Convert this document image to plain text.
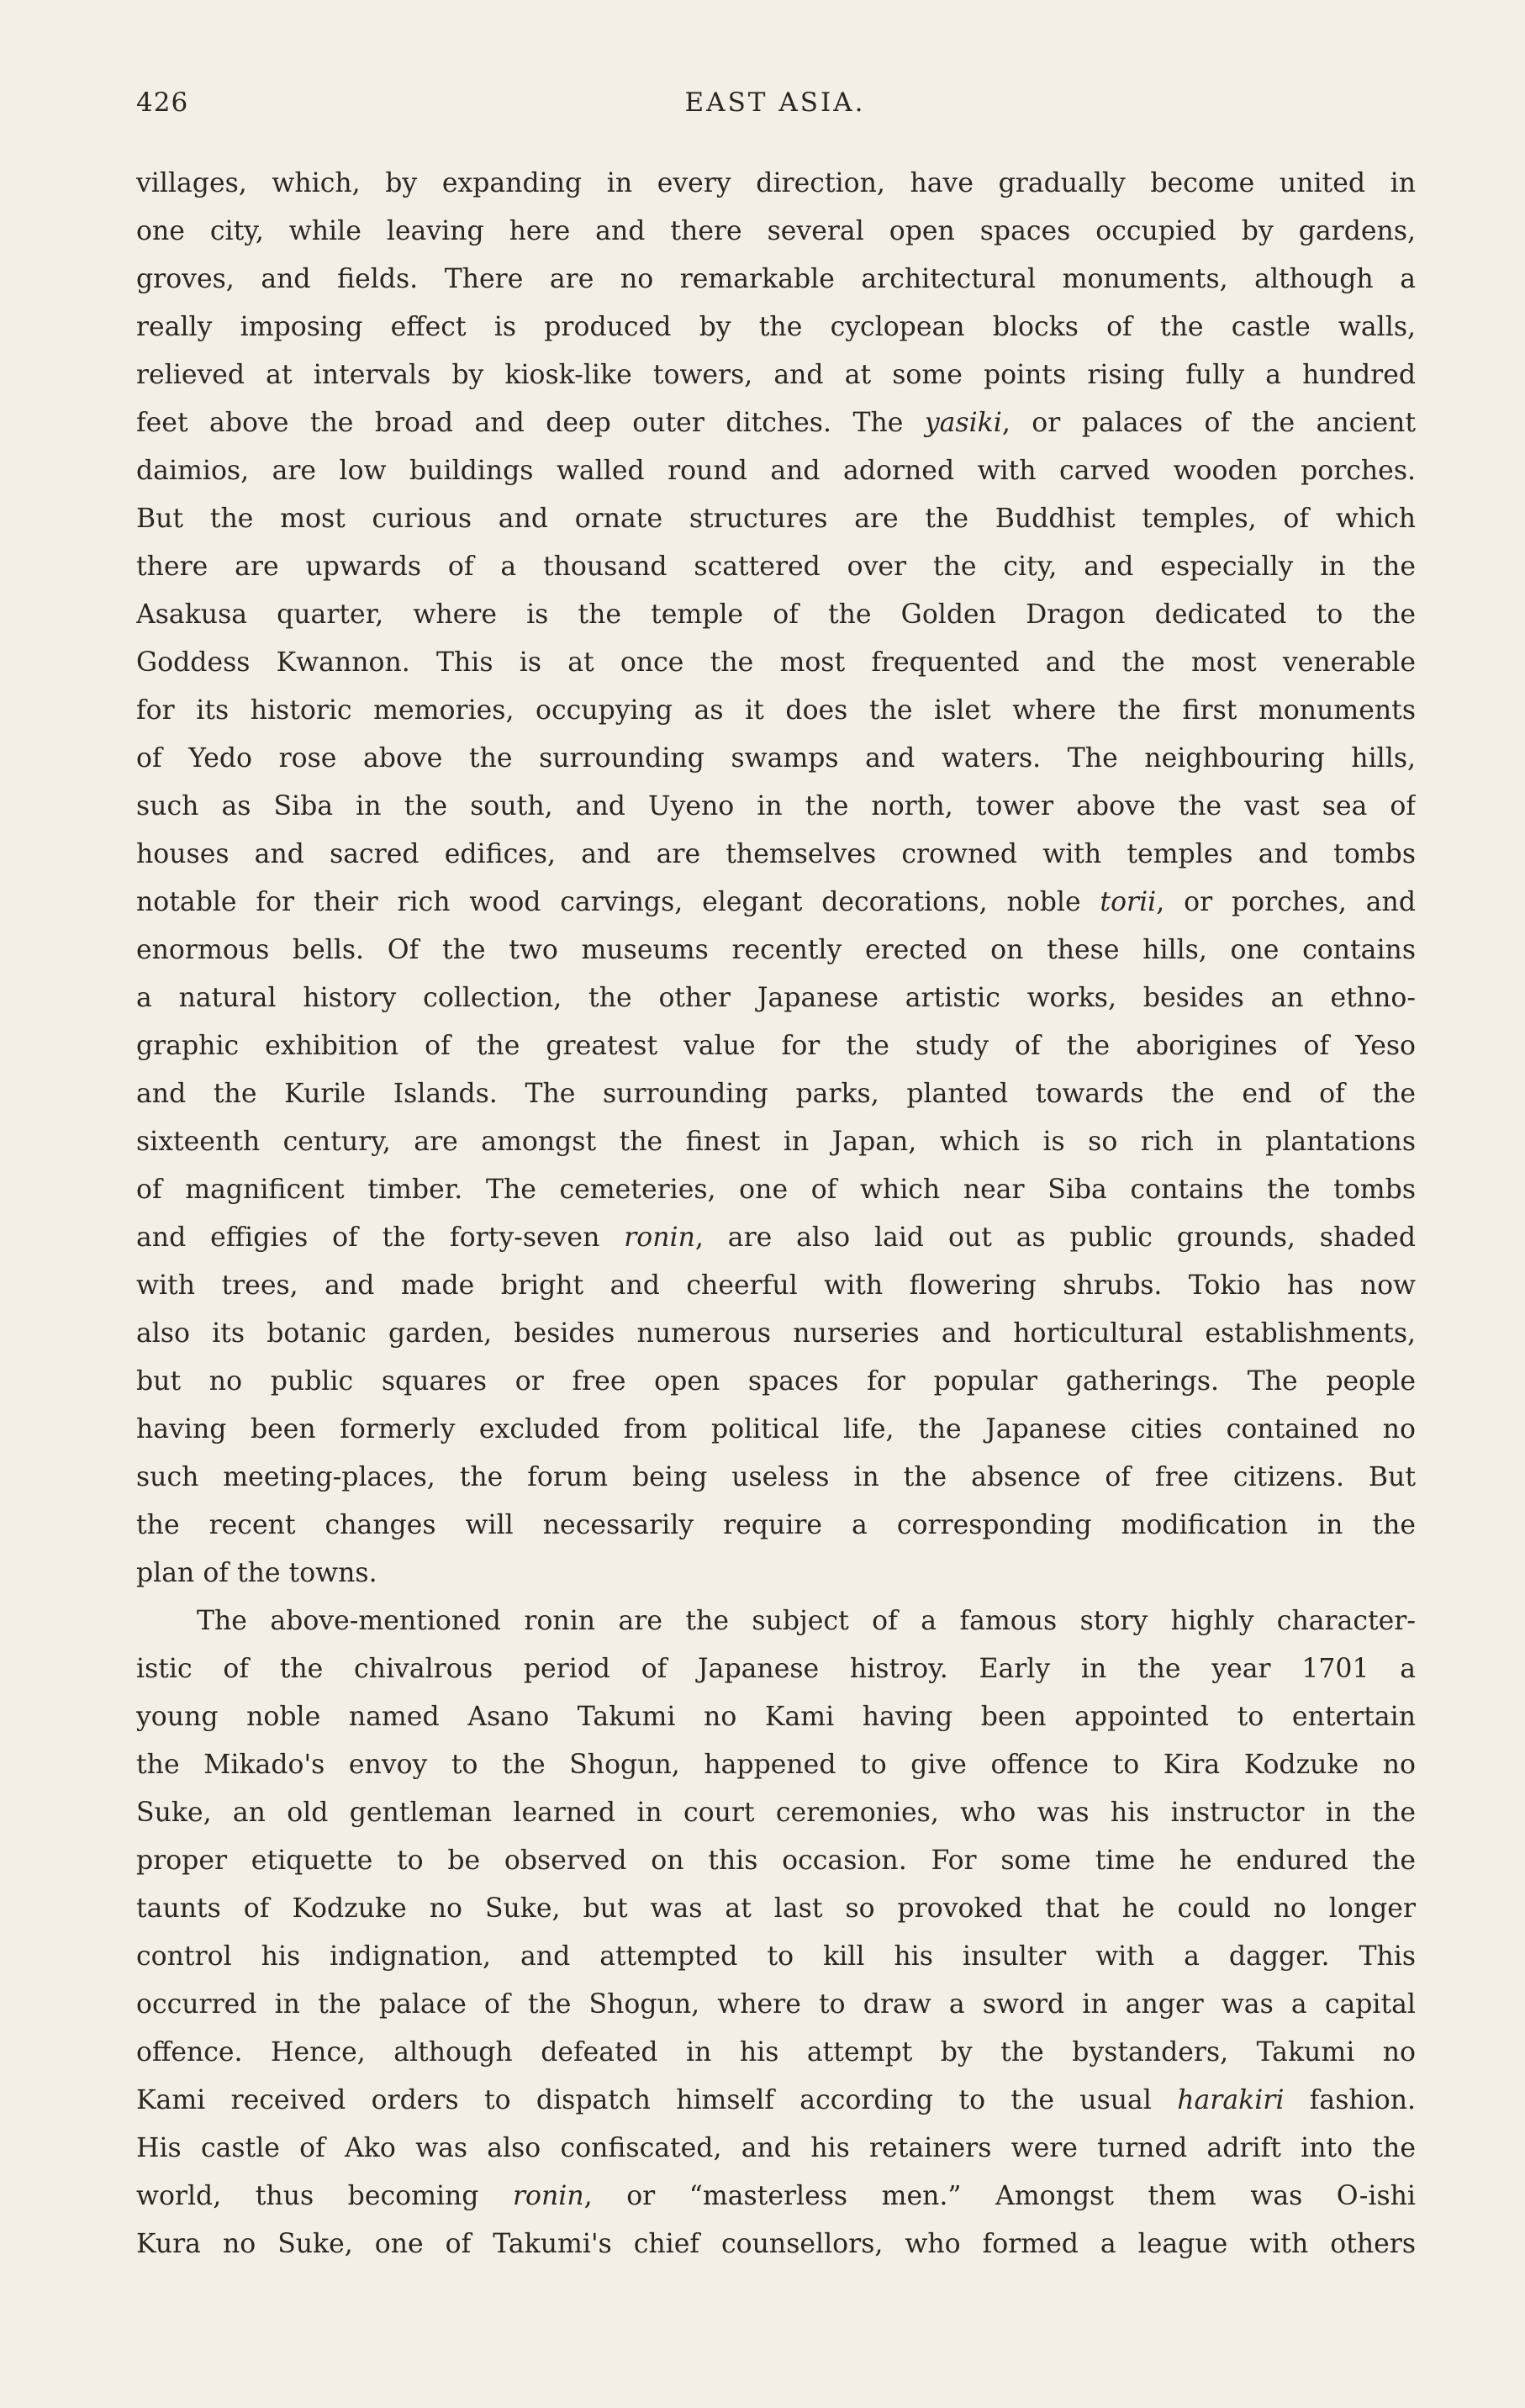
426	EAST ASIA.
villages, which, by expanding in every direction, have gradually become united in
one city, while leaving here and there several open spaces occupied by gardens,
groves, and fields. There are no remarkable architectural monuments, although a
really imposing effect is produced by the cyclopean blocks of the castle walls,
relieved at intervals by kiosk-like towers, and at some points rising fully a hundred
feet above the broad and deep outer ditches. The yasiki, or palaces of the ancient
daimios, are low buildings walled round and adorned with carved wooden porches.
But the most curious and ornate structures are the Buddhist temples, of which
there are upwards of a thousand scattered over the city, and especially in the
Asakusa quarter, where is the temple of the Golden Dragon dedicated to the
Goddess Kwannon. This is at once the most frequented and the most venerable
for its historic memories, occupying as it does the islet where the first monuments
of Yedo rose above the surrounding swamps and waters. The neighbouring hills,
such as Siba in the south, and Uyeno in the north, tower above the vast sea of
houses and sacred edifices, and are themselves crowned with temples and tombs
notable for their rich wood carvings, elegant decorations, noble torii, or porches, and
enormous bells. Of the two museums recently erected on these hills, one contains
a natural history collection, the other Japanese artistic works, besides an ethno-
graphic exhibition of the greatest value for the study of the aborigines of Yeso
and the Kurile Islands. The surrounding parks, planted towards the end of the
sixteenth century, are amongst the finest in Japan, which is so rich in plantations
of magnificent timber. The cemeteries, one of which near Siba contains the tombs
and effigies of the forty-seven ronin, are also laid out as public grounds, shaded
with trees, and made bright and cheerful with flowering shrubs. Tokio has now
also its botanic garden, besides numerous nurseries and horticultural establishments,
but no public squares or free open spaces for popular gatherings. The people
having been formerly excluded from political life, the Japanese cities contained no
such meeting-places, the forum being useless in the absence of free citizens. But
the recent changes will necessarily require a corresponding modification in the
plan of the towns.
The above-mentioned ronin are the subject of a famous story highly character-
istic of the chivalrous period of Japanese histroy. Early in the year 1701 a
young noble named Asano Takumi no Kami having been appointed to entertain
the Mikado's envoy to the Shogun, happened to give offence to Kira Kodzuke no
Suke, an old gentleman learned in court ceremonies, who was his instructor in the
proper etiquette to be observed on this occasion. For some time he endured the
taunts of Kodzuke no Suke, but was at last so provoked that he could no longer
control his indignation, and attempted to kill his insulter with a dagger. This
occurred in the palace of the Shogun, where to draw a sword in anger was a capital
offence. Hence, although defeated in his attempt by the bystanders, Takumi no
Kami received orders to dispatch himself according to the usual harakiri fashion.
His castle of Ako was also confiscated, and his retainers were turned adrift into the
world, thus becoming ronin, or “masterless men.” Amongst them was O-ishi
Kura no Suke, one of Takumi's chief counsellors, who formed a league with others
